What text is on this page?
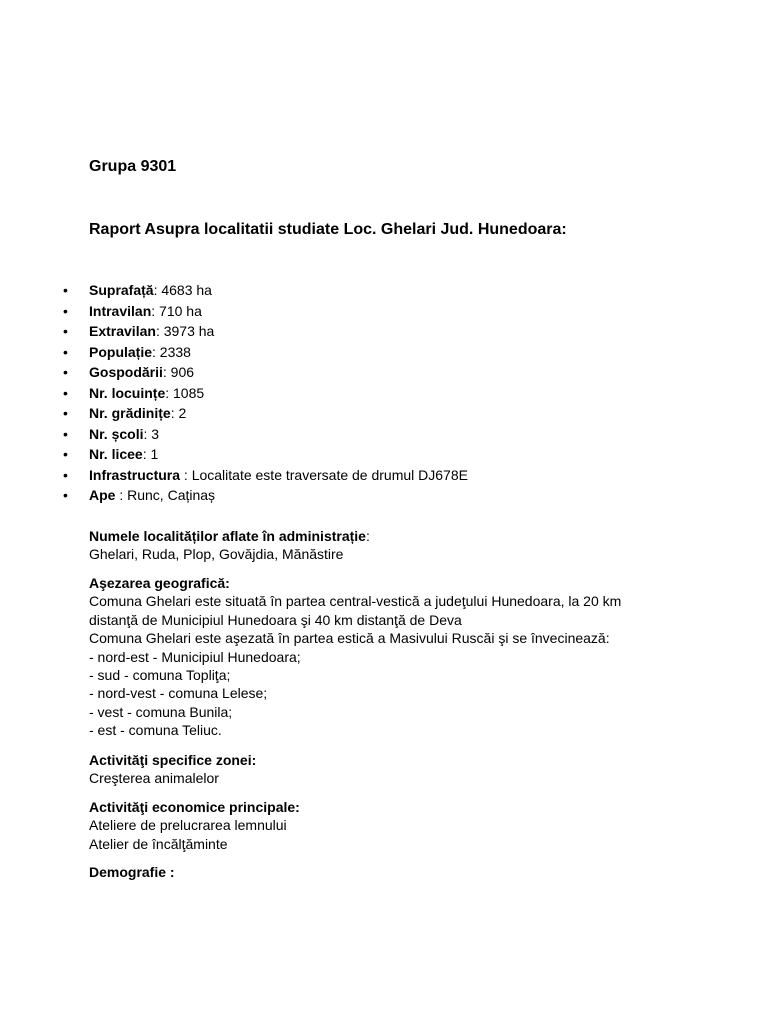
Grupa 9301

Raport Asupra localitatii studiate Loc. Ghelari Jud. Hunedoara:

• Suprafață: 4683 ha
• Intravilan: 710 ha
• Extravilan: 3973 ha
• Populație: 2338
• Gospodării: 906
• Nr. locuințe: 1085
• Nr. grădinițe: 2
• Nr. școli: 3
• Nr. licee: 1
• Infrastructura : Localitate este traversate de drumul DJ678E
• Ape : Runc, Caținaș
Numele localităților aflate în administrație:
Ghelari, Ruda, Plop, Govăjdia, Mănăstire
Aşezarea geografică:
Comuna Ghelari este situată în partea central-vestică a judeţului Hunedoara, la 20 km
distanţă de Municipiul Hunedoara şi 40 km distanţă de Deva
Comuna Ghelari este aşezată în partea estică a Masivului Ruscăi şi se învecinează:
- nord-est - Municipiul Hunedoara;
- sud - comuna Topliţa;
- nord-vest - comuna Lelese;
- vest - comuna Bunila;
- est - comuna Teliuc.
Activităţi specifice zonei:
Creşterea animalelor
Activităţi economice principale:
Ateliere de prelucrarea lemnului
Atelier de încălţăminte
Demografie :
